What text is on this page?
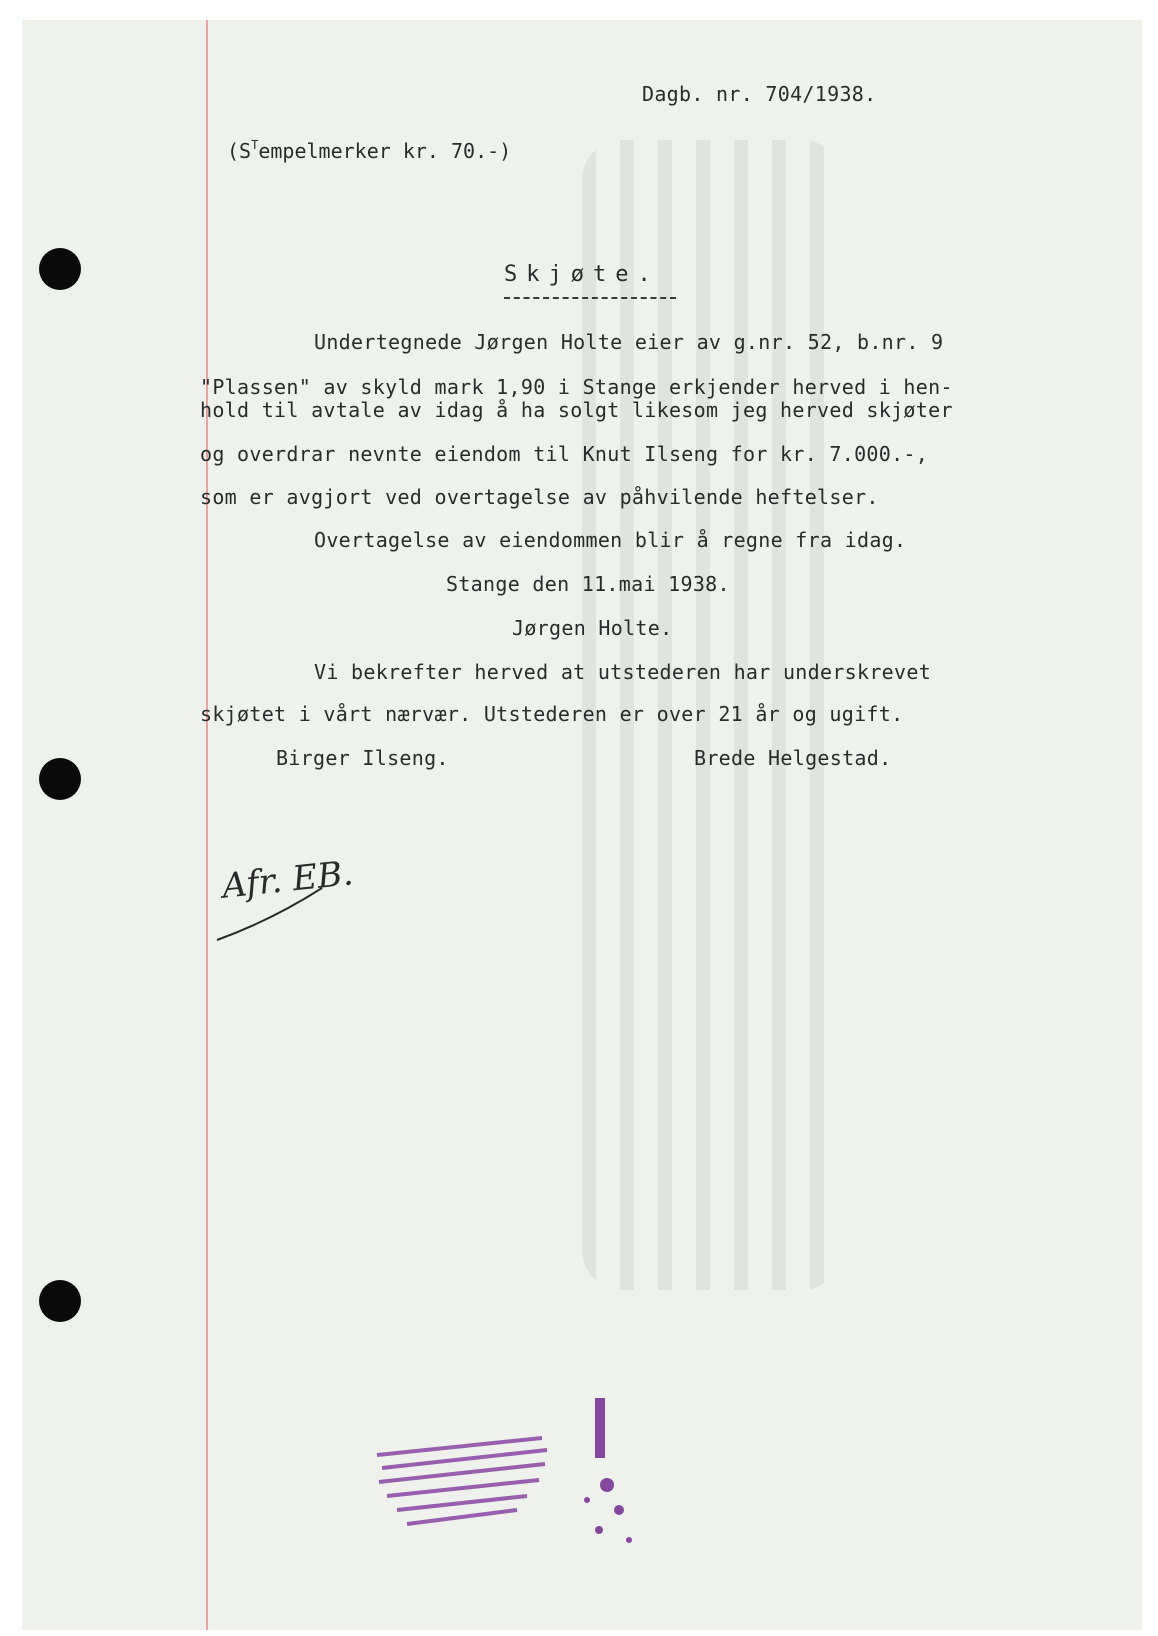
Dagb. nr. 704/1938.
($S^Tempelmerker$ kr. 70.-)
Skjøte.
Undertegnede Jørgen Holte eier av g.nr. 52, b.nr. 9
"Plassen" av skyld mark 1,90 i Stange erkjender herved i hen-
hold til avtale av idag å ha solgt likesom jeg herved skjøter
og overdrar nevnte eiendom til Knut Ilseng for kr. 7.000.-,
som er avgjort ved overtagelse av påhvilende heftelser.
Overtagelse av eiendommen blir å regne fra idag.
Stange den 11.mai 1938.
Jørgen Holte.
Vi bekrefter herved at utstederen har underskrevet
skjøtet i vårt nærvær. Utstederen er over 21 år og ugift.
Birger Ilseng.	Brede Helgestad.
Afr. EB.
